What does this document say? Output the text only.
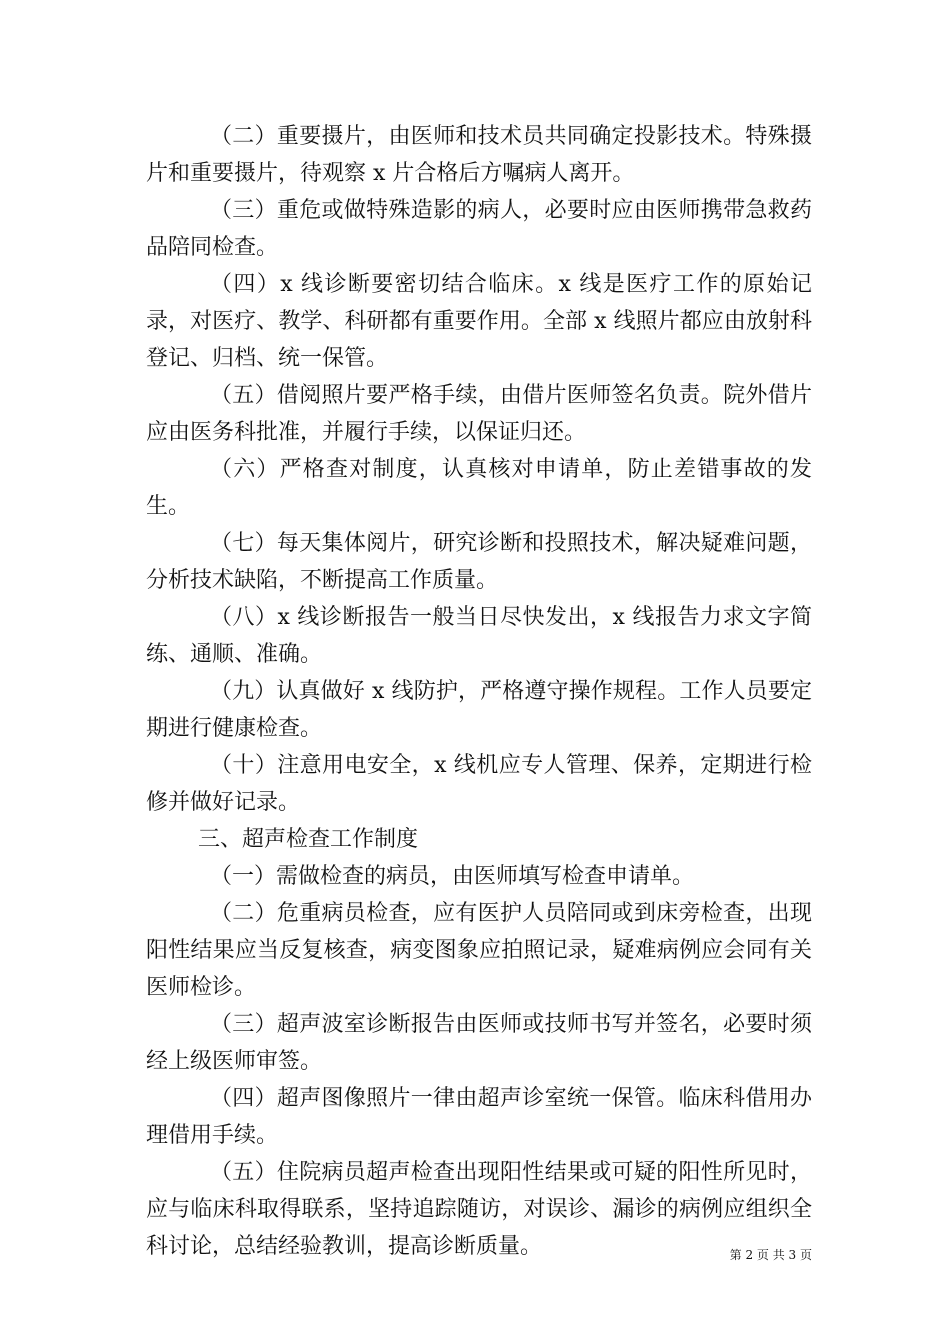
（二）重要摄片，由医师和技术员共同确定投影技术。特殊摄片和重要摄片，待观察 x 片合格后方嘱病人离开。

（三）重危或做特殊造影的病人，必要时应由医师携带急救药品陪同检查。

（四）x 线诊断要密切结合临床。x 线是医疗工作的原始记录，对医疗、教学、科研都有重要作用。全部 x 线照片都应由放射科登记、归档、统一保管。

（五）借阅照片要严格手续，由借片医师签名负责。院外借片应由医务科批准，并履行手续，以保证归还。

（六）严格查对制度，认真核对申请单，防止差错事故的发生。

（七）每天集体阅片，研究诊断和投照技术，解决疑难问题，分析技术缺陷，不断提高工作质量。

（八）x 线诊断报告一般当日尽快发出，x 线报告力求文字简练、通顺、准确。

（九）认真做好 x 线防护，严格遵守操作规程。工作人员要定期进行健康检查。

（十）注意用电安全，x 线机应专人管理、保养，定期进行检修并做好记录。

三、超声检查工作制度

（一）需做检查的病员，由医师填写检查申请单。

（二）危重病员检查，应有医护人员陪同或到床旁检查，出现阳性结果应当反复核查，病变图象应拍照记录，疑难病例应会同有关医师检诊。

（三）超声波室诊断报告由医师或技师书写并签名，必要时须经上级医师审签。

（四）超声图像照片一律由超声诊室统一保管。临床科借用办理借用手续。

（五）住院病员超声检查出现阳性结果或可疑的阳性所见时，应与临床科取得联系，坚持追踪随访，对误诊、漏诊的病例应组织全科讨论，总结经验教训，提高诊断质量。	第 2 页 共 3 页
